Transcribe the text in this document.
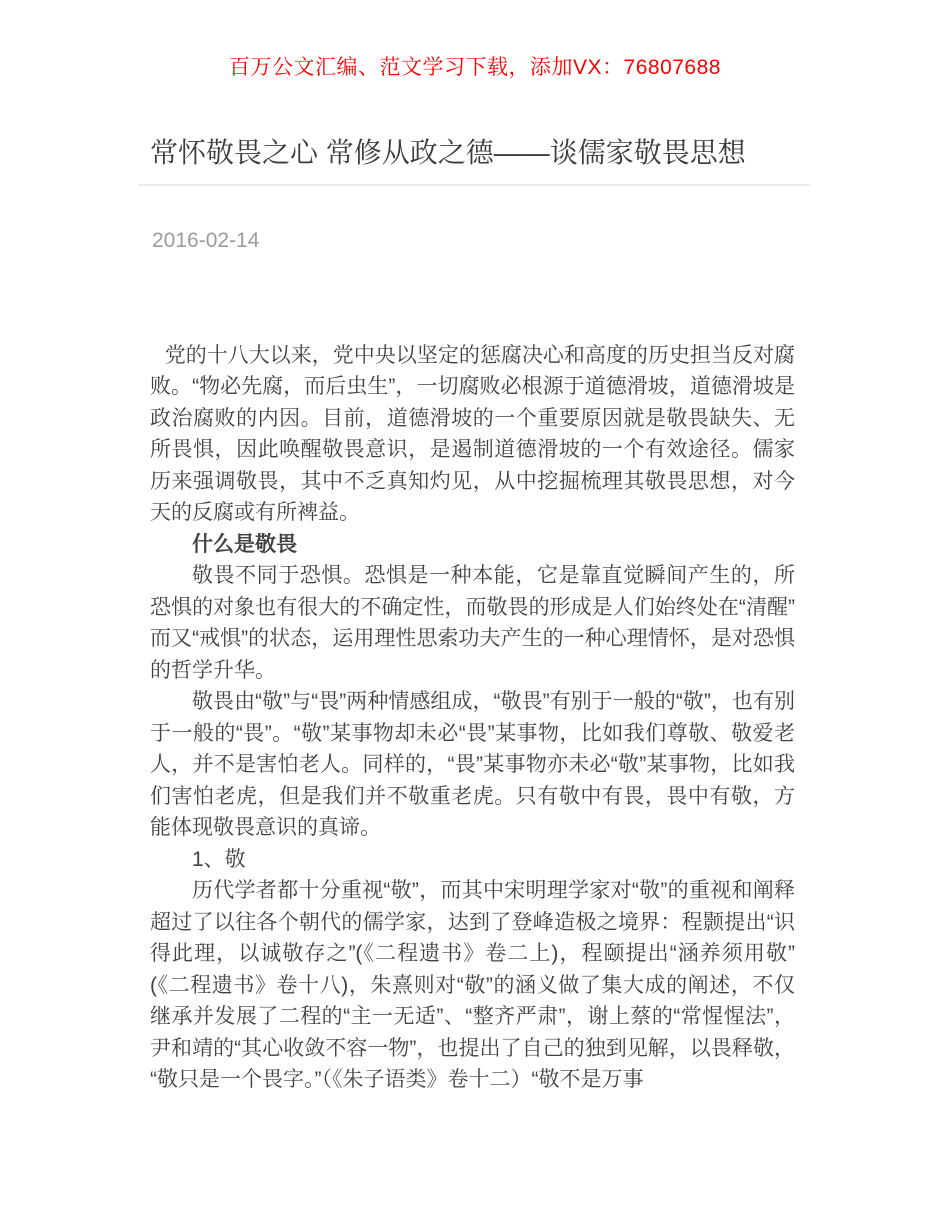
百万公文汇编、范文学习下载，添加VX：76807688
常怀敬畏之心 常修从政之德——谈儒家敬畏思想
2016-02-14

党的十八大以来，党中央以坚定的惩腐决心和高度的历史担当反对腐败。“物必先腐，而后虫生”，一切腐败必根源于道德滑坡，道德滑坡是政治腐败的内因。目前，道德滑坡的一个重要原因就是敬畏缺失、无所畏惧，因此唤醒敬畏意识，是遏制道德滑坡的一个有效途径。儒家历来强调敬畏，其中不乏真知灼见，从中挖掘梳理其敬畏思想，对今天的反腐或有所裨益。

什么是敬畏

敬畏不同于恐惧。恐惧是一种本能，它是靠直觉瞬间产生的，所恐惧的对象也有很大的不确定性，而敬畏的形成是人们始终处在“清醒”而又“戒惧”的状态，运用理性思索功夫产生的一种心理情怀，是对恐惧的哲学升华。

敬畏由“敬”与“畏”两种情感组成，“敬畏”有别于一般的“敬”，也有别于一般的“畏”。“敬”某事物却未必“畏”某事物，比如我们尊敬、敬爱老人，并不是害怕老人。同样的，“畏”某事物亦未必“敬”某事物，比如我们害怕老虎，但是我们并不敬重老虎。只有敬中有畏，畏中有敬，方能体现敬畏意识的真谛。

1、敬

历代学者都十分重视“敬”，而其中宋明理学家对“敬”的重视和阐释超过了以往各个朝代的儒学家，达到了登峰造极之境界：程颢提出“识得此理，以诚敬存之”(《二程遗书》卷二上)，程颐提出“涵养须用敬”(《二程遗书》卷十八)，朱熹则对“敬”的涵义做了集大成的阐述，不仅继承并发展了二程的“主一无适”、“整齐严肃”，谢上蔡的“常惺惺法”，尹和靖的“其心收敛不容一物”，也提出了自己的独到见解，以畏释敬，“敬只是一个畏字。”（《朱子语类》卷十二）“敬不是万事
